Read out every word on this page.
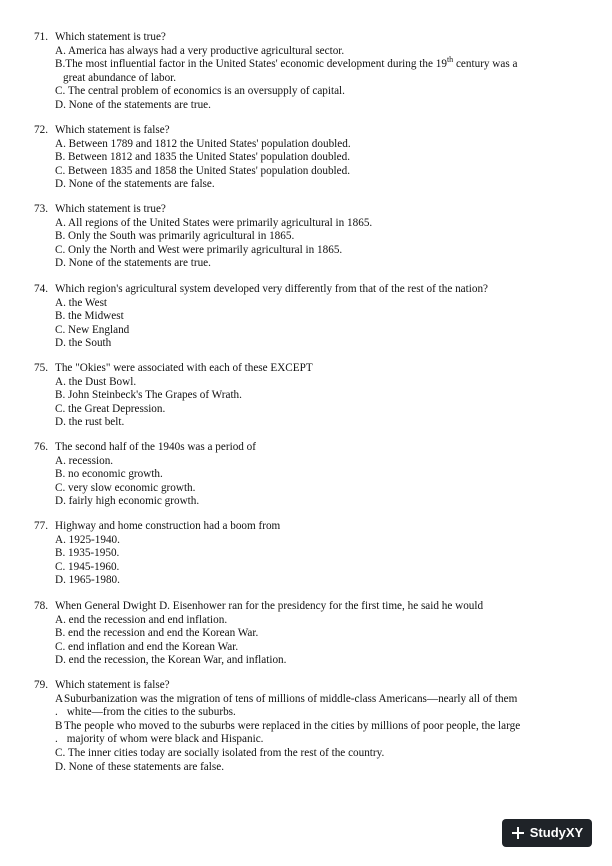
71. Which statement is true?
A. America has always had a very productive agricultural sector.
B.The most influential factor in the United States' economic development during the 19th century was a
great abundance of labor.
C. The central problem of economics is an oversupply of capital.
D. None of the statements are true.
72. Which statement is false?
A. Between 1789 and 1812 the United States' population doubled.
B. Between 1812 and 1835 the United States' population doubled.
C. Between 1835 and 1858 the United States' population doubled.
D. None of the statements are false.
73. Which statement is true?
A. All regions of the United States were primarily agricultural in 1865.
B. Only the South was primarily agricultural in 1865.
C. Only the North and West were primarily agricultural in 1865.
D. None of the statements are true.
74. Which region's agricultural system developed very differently from that of the rest of the nation?
A. the West
B. the Midwest
C. New England
D. the South
75. The "Okies" were associated with each of these EXCEPT
A. the Dust Bowl.
B. John Steinbeck's The Grapes of Wrath.
C. the Great Depression.
D. the rust belt.
76. The second half of the 1940s was a period of
A. recession.
B. no economic growth.
C. very slow economic growth.
D. fairly high economic growth.
77. Highway and home construction had a boom from
A. 1925-1940.
B. 1935-1950.
C. 1945-1960.
D. 1965-1980.
78. When General Dwight D. Eisenhower ran for the presidency for the first time, he said he would
A. end the recession and end inflation.
B. end the recession and end the Korean War.
C. end inflation and end the Korean War.
D. end the recession, the Korean War, and inflation.
79. Which statement is false?
A
.
Suburbanization was the migration of tens of millions of middle-class Americans—nearly all of them
white—from the cities to the suburbs.
B
.
The people who moved to the suburbs were replaced in the cities by millions of poor people, the large
majority of whom were black and Hispanic.
C. The inner cities today are socially isolated from the rest of the country.
D. None of these statements are false.
StudyXY
